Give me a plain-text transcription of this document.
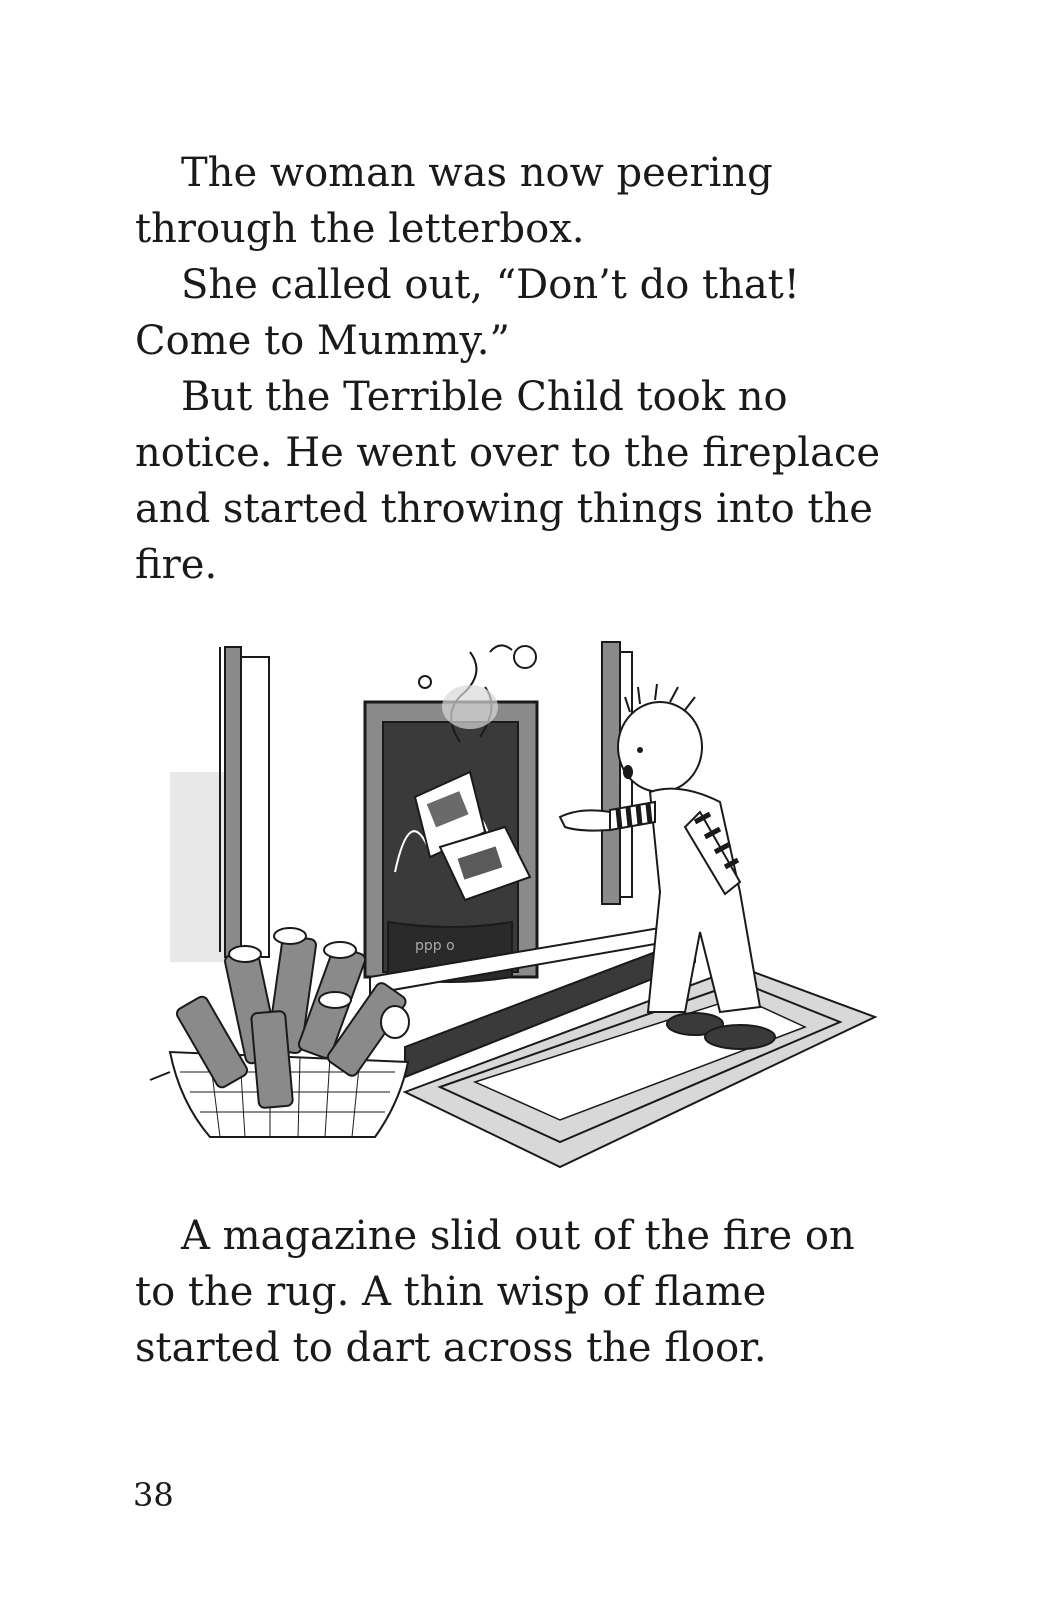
The woman was now peering through the letterbox.

She called out, “Don’t do that! Come to Mummy.”

But the Terrible Child took no notice. He went over to the fireplace and started throwing things into the fire.

ppp o

A magazine slid out of the fire on to the rug. A thin wisp of flame started to dart across the floor.

38
